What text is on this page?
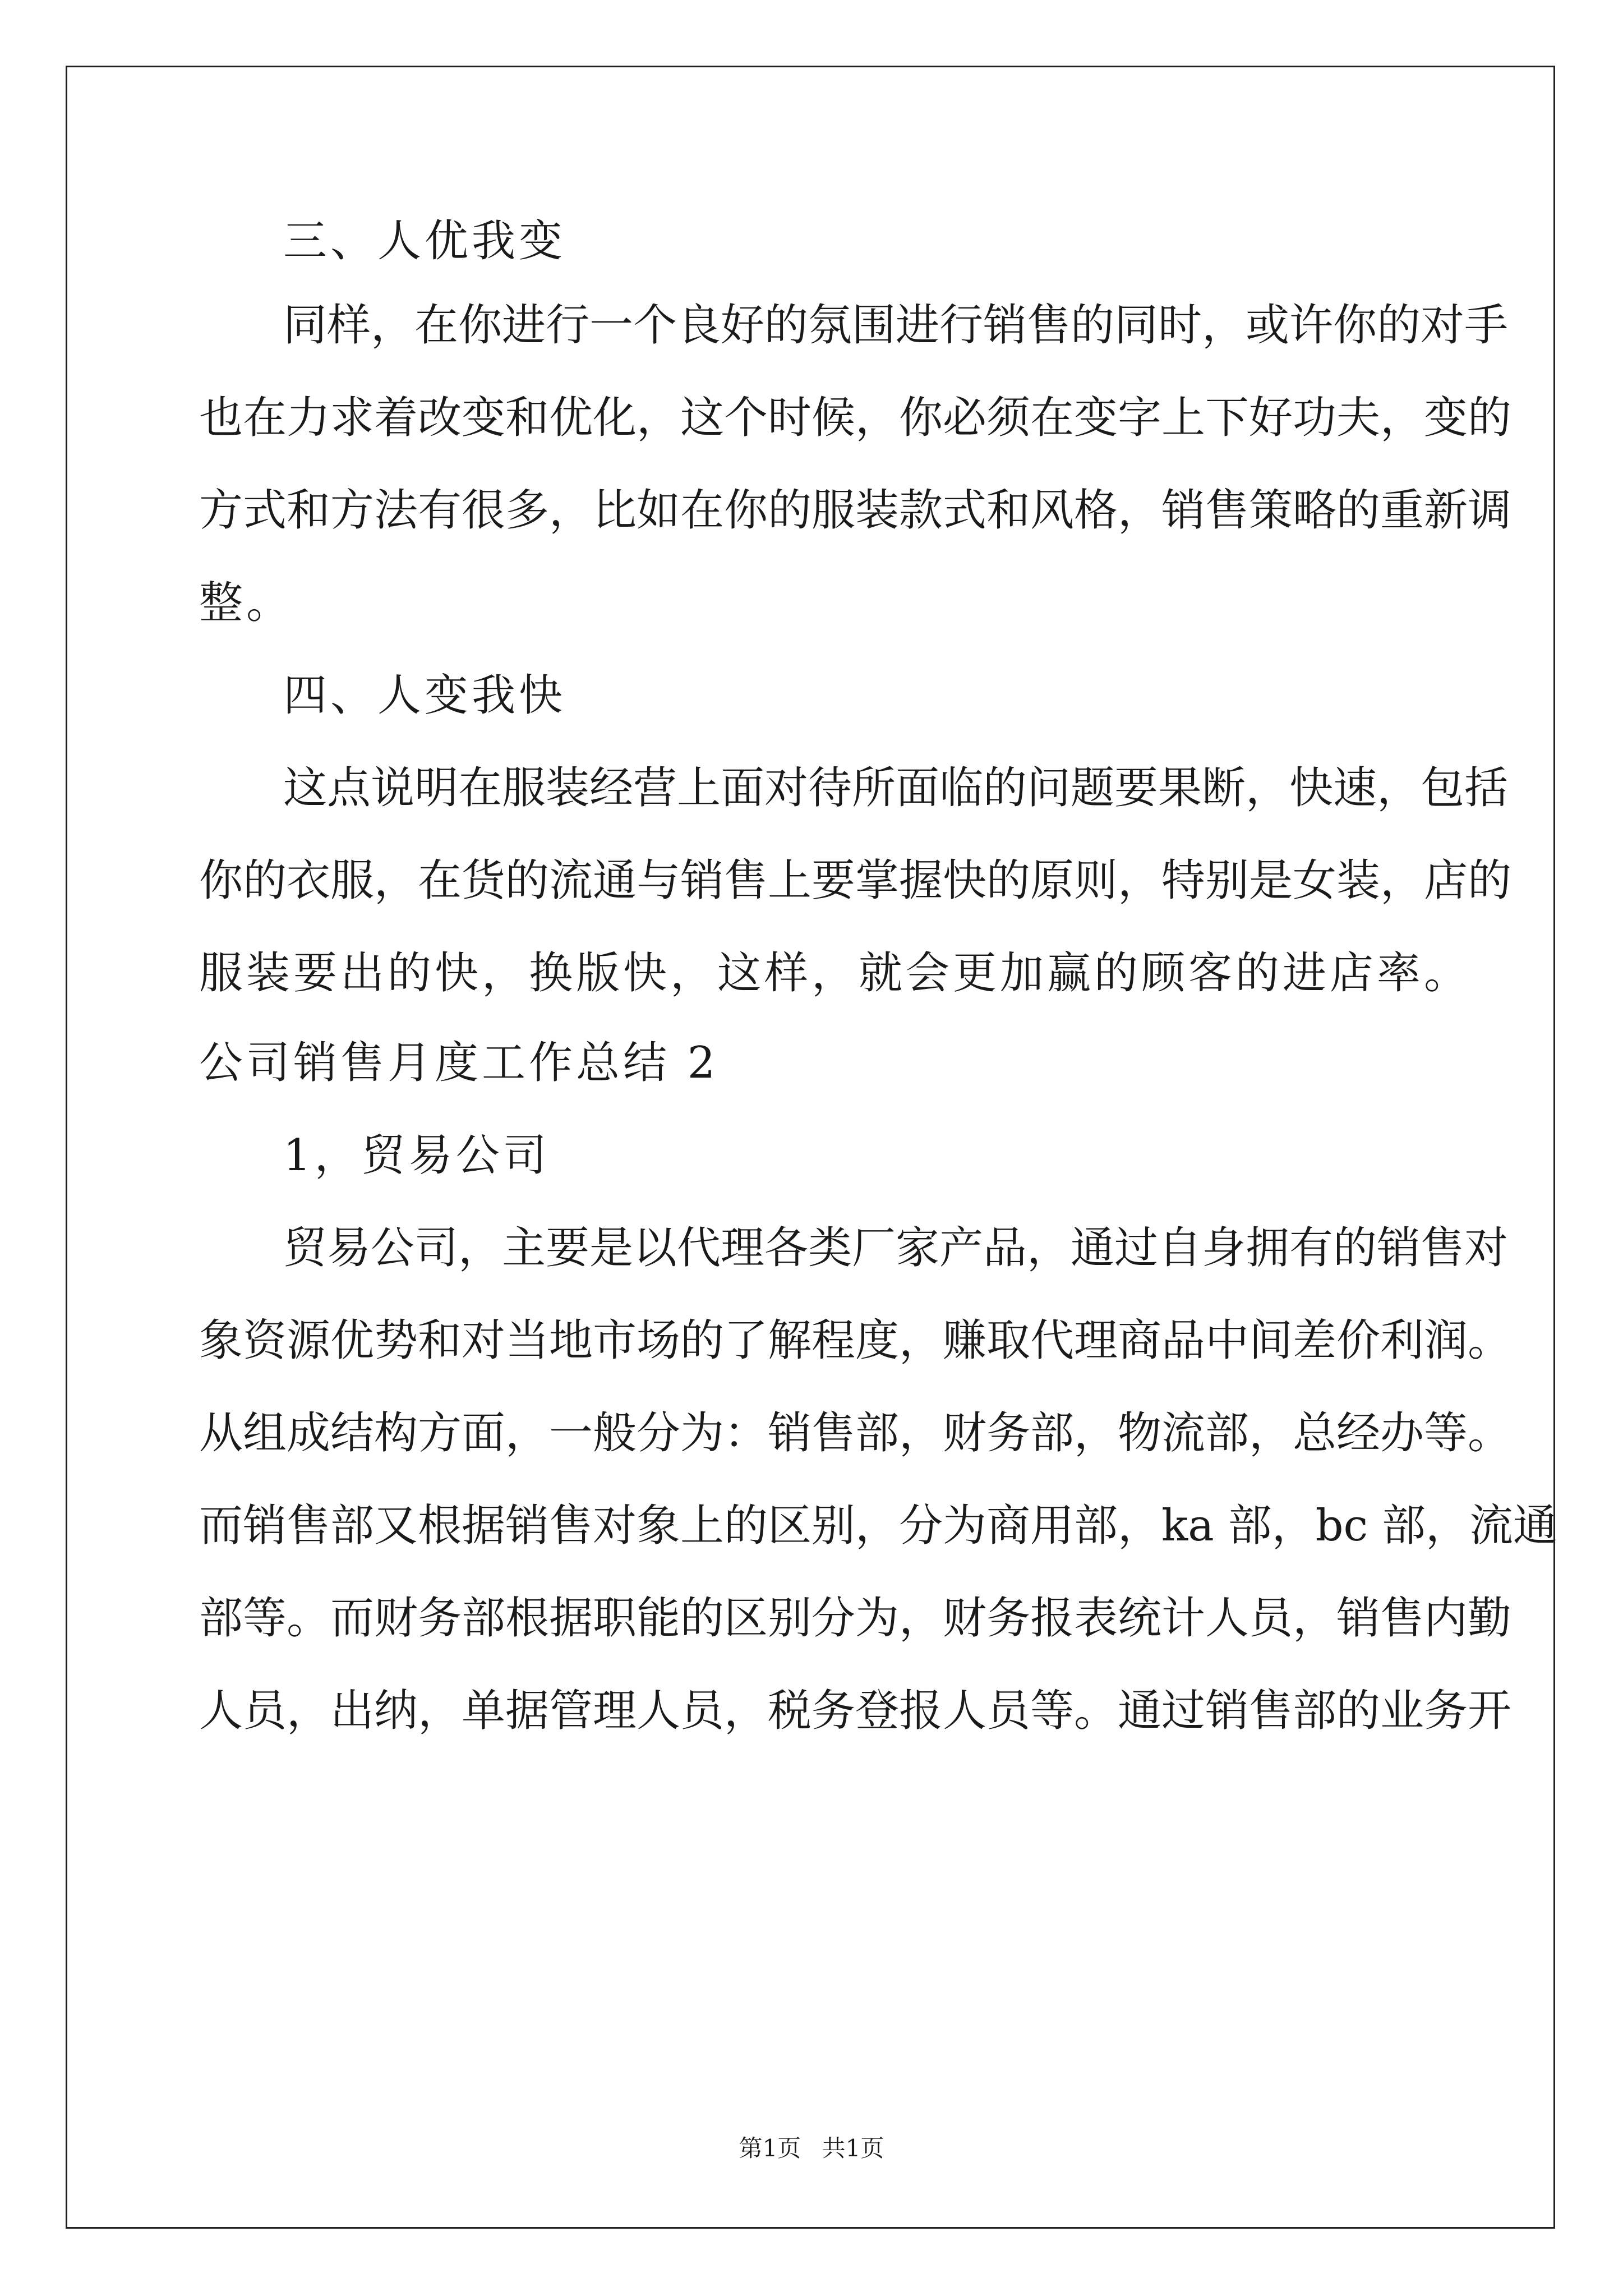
三、人优我变
同样，在你进行一个良好的氛围进行销售的同时，或许你的对手
也在力求着改变和优化，这个时候，你必须在变字上下好功夫，变的
方式和方法有很多，比如在你的服装款式和风格，销售策略的重新调
整。
四、人变我快
这点说明在服装经营上面对待所面临的问题要果断，快速，包括
你的衣服，在货的流通与销售上要掌握快的原则，特别是女装，店的
服装要出的快，换版快，这样，就会更加赢的顾客的进店率。
公司销售月度工作总结 2
1，贸易公司
贸易公司，主要是以代理各类厂家产品，通过自身拥有的销售对
象资源优势和对当地市场的了解程度，赚取代理商品中间差价利润。
从组成结构方面，一般分为：销售部，财务部，物流部，总经办等。
而销售部又根据销售对象上的区别，分为商用部，ka 部，bc 部，流通
部等。而财务部根据职能的区别分为，财务报表统计人员，销售内勤
人员，出纳，单据管理人员，税务登报人员等。通过销售部的业务开
第1页 共1页
